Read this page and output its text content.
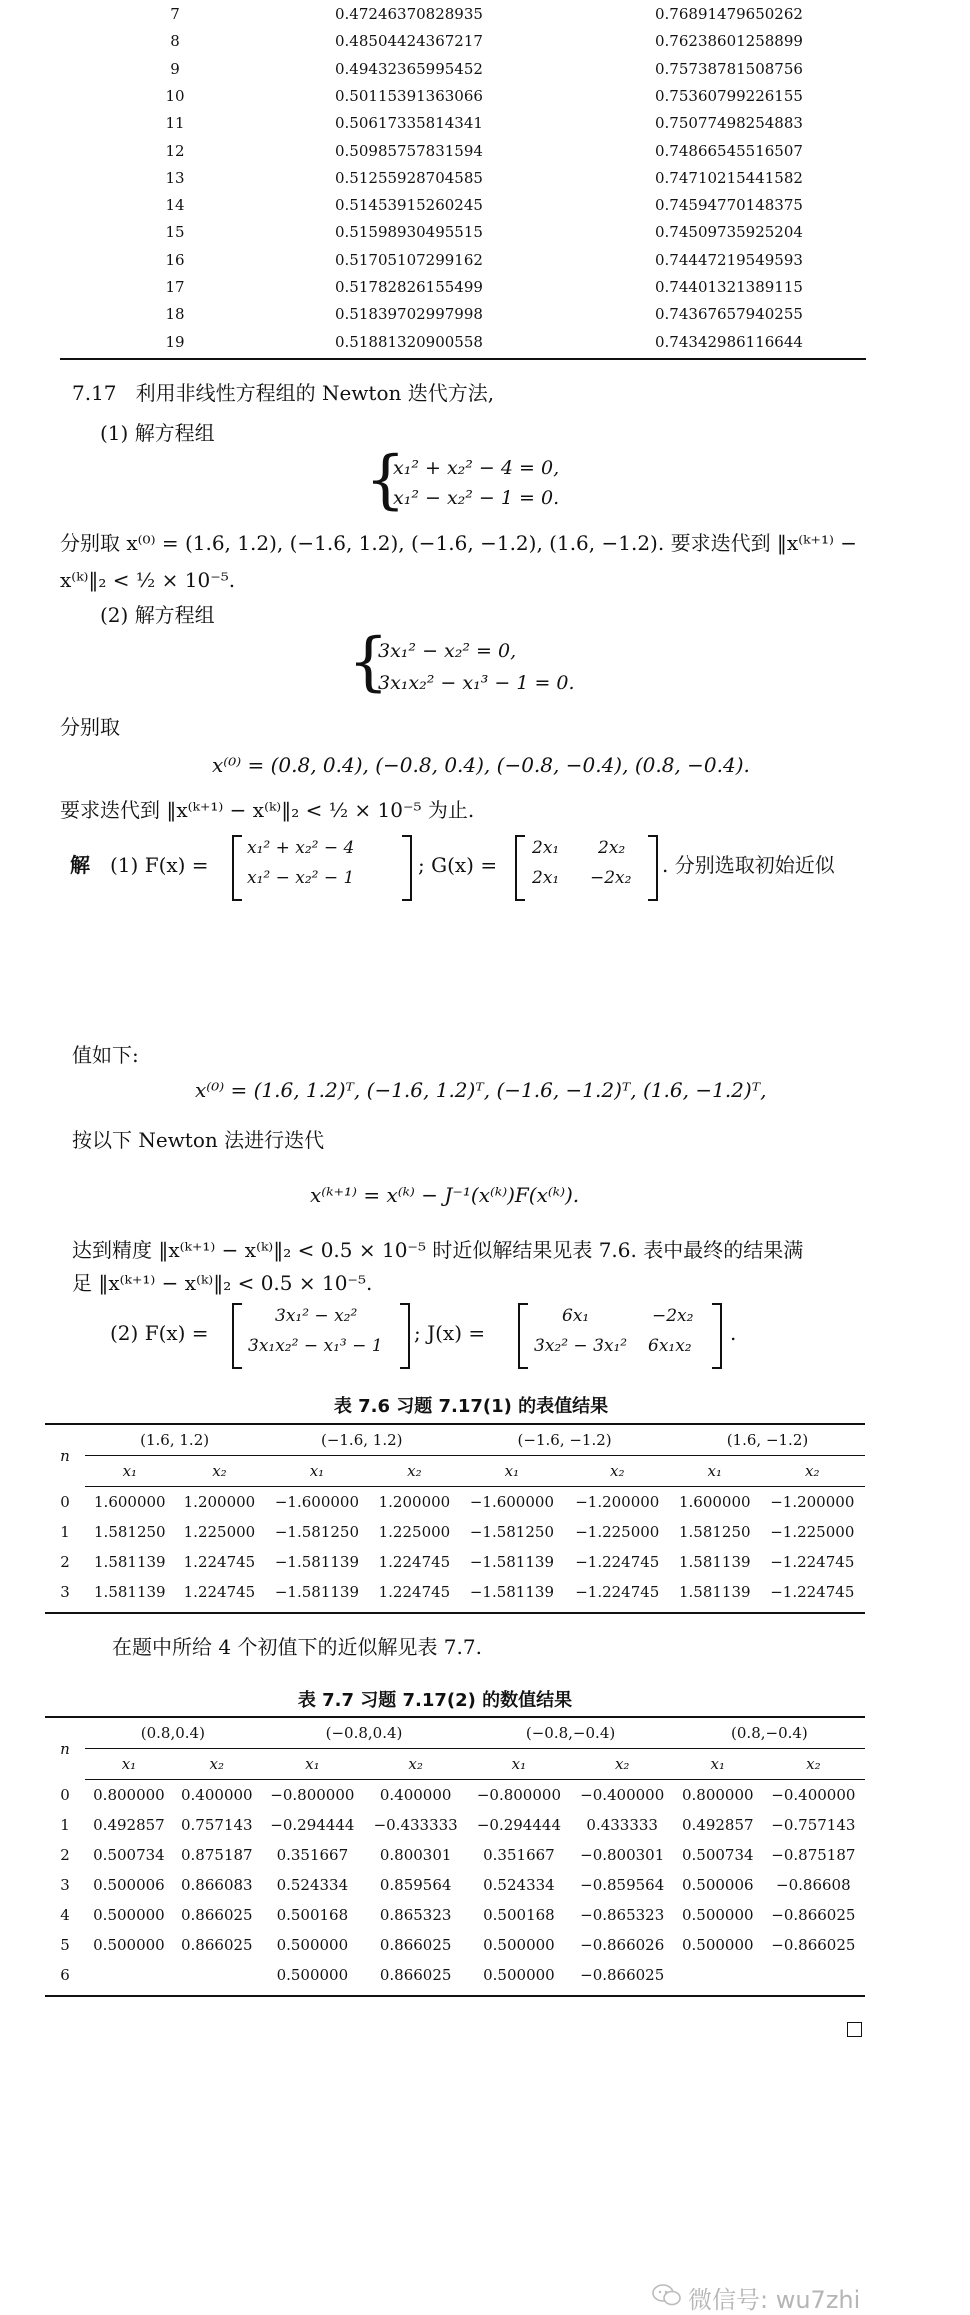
7	0.47246370828935	0.76891479650262
8	0.48504424367217	0.76238601258899
9	0.49432365995452	0.75738781508756
10	0.50115391363066	0.75360799226155
11	0.50617335814341	0.75077498254883
12	0.50985757831594	0.74866545516507
13	0.51255928704585	0.74710215441582
14	0.51453915260245	0.74594770148375
15	0.51598930495515	0.74509735925204
16	0.51705107299162	0.74447219549593
17	0.51782826155499	0.74401321389115
18	0.51839702997998	0.74367657940255
19	0.51881320900558	0.74342986116644
7.17 利用非线性方程组的 Newton 迭代方法,
(1) 解方程组
{
x₁² + x₂² − 4 = 0,
x₁² − x₂² − 1 = 0.
分别取 x⁽⁰⁾ = (1.6, 1.2), (−1.6, 1.2), (−1.6, −1.2), (1.6, −1.2). 要求迭代到 ‖x⁽ᵏ⁺¹⁾ −
x⁽ᵏ⁾‖₂ < ½ × 10⁻⁵.
(2) 解方程组
{
3x₁² − x₂² = 0,
3x₁x₂² − x₁³ − 1 = 0.
分别取
x⁽⁰⁾ = (0.8, 0.4), (−0.8, 0.4), (−0.8, −0.4), (0.8, −0.4).
要求迭代到 ‖x⁽ᵏ⁺¹⁾ − x⁽ᵏ⁾‖₂ < ½ × 10⁻⁵ 为止.
解 (1) F(x) =
x₁² + x₂² − 4
x₁² − x₂² − 1
; G(x) =
2x₁ 2x₂
2x₁ −2x₂
. 分别选取初始近似
值如下:
x⁽⁰⁾ = (1.6, 1.2)ᵀ, (−1.6, 1.2)ᵀ, (−1.6, −1.2)ᵀ, (1.6, −1.2)ᵀ,
按以下 Newton 法进行迭代
x⁽ᵏ⁺¹⁾ = x⁽ᵏ⁾ − J⁻¹(x⁽ᵏ⁾)F(x⁽ᵏ⁾).
达到精度 ‖x⁽ᵏ⁺¹⁾ − x⁽ᵏ⁾‖₂ < 0.5 × 10⁻⁵ 时近似解结果见表 7.6. 表中最终的结果满
足 ‖x⁽ᵏ⁺¹⁾ − x⁽ᵏ⁾‖₂ < 0.5 × 10⁻⁵.
(2) F(x) =
3x₁² − x₂²
3x₁x₂² − x₁³ − 1
; J(x) =
6x₁	−2x₂
3x₂² − 3x₁² 6x₁x₂
.
表 7.6 习题 7.17(1) 的表值结果
n	(1.6, 1.2)		(−1.6, 1.2)		(−1.6, −1.2)		(1.6, −1.2)	
	x₁	x₂	x₁	x₂	x₁	x₂	x₁	x₂
0	1.600000	1.200000	−1.600000	1.200000	−1.600000	−1.200000	1.600000	−1.200000
1	1.581250	1.225000	−1.581250	1.225000	−1.581250	−1.225000	1.581250	−1.225000
2	1.581139	1.224745	−1.581139	1.224745	−1.581139	−1.224745	1.581139	−1.224745
3	1.581139	1.224745	−1.581139	1.224745	−1.581139	−1.224745	1.581139	−1.224745
在题中所给 4 个初值下的近似解见表 7.7.
表 7.7 习题 7.17(2) 的数值结果
n	(0.8,0.4)		(−0.8,0.4)		(−0.8,−0.4)		(0.8,−0.4)	
	x₁	x₂	x₁	x₂	x₁	x₂	x₁	x₂
0	0.800000	0.400000	−0.800000	0.400000	−0.800000	−0.400000	0.800000	−0.400000
1	0.492857	0.757143	−0.294444	−0.433333	−0.294444	0.433333	0.492857	−0.757143
2	0.500734	0.875187	0.351667	0.800301	0.351667	−0.800301	0.500734	−0.875187
3	0.500006	0.866083	0.524334	0.859564	0.524334	−0.859564	0.500006	−0.86608
4	0.500000	0.866025	0.500168	0.865323	0.500168	−0.865323	0.500000	−0.866025
5	0.500000	0.866025	0.500000	0.866025	0.500000	−0.866026	0.500000	−0.866025
6			0.500000	0.866025	0.500000	−0.866025		
微信号: wu7zhi
